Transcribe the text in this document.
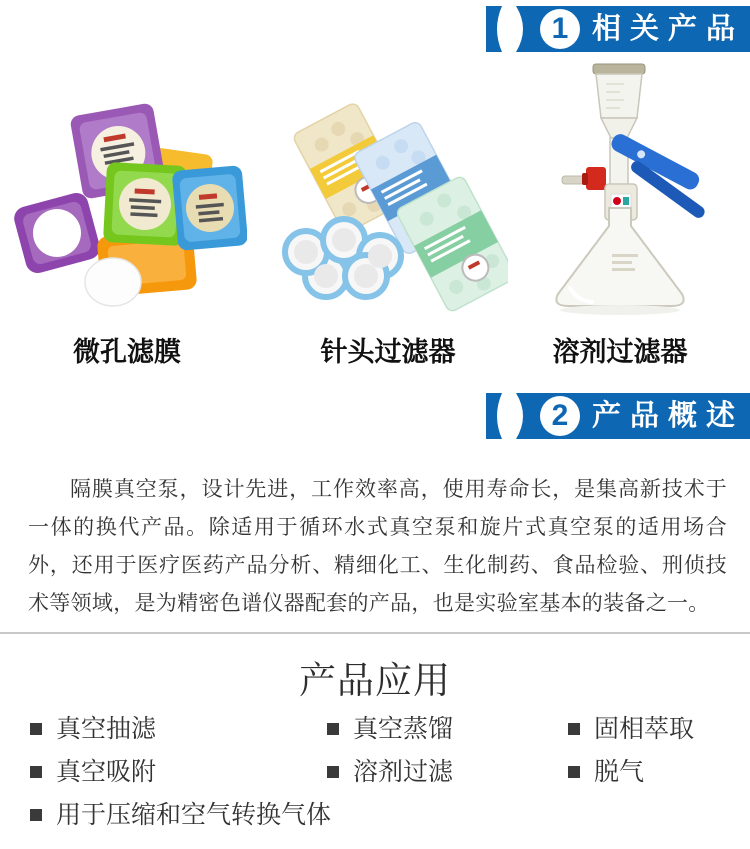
1 相关产品
微孔滤膜	针头过滤器	溶剂过滤器
2 产品概述

隔膜真空泵，设计先进，工作效率高，使用寿命长，是集高新技术于一体的换代产品。除适用于循环水式真空泵和旋片式真空泵的适用场合外，还用于医疗医药产品分析、精细化工、生化制药、食品检验、刑侦技术等领域，是为精密色谱仪器配套的产品，也是实验室基本的装备之一。

产品应用
真空抽滤	真空蒸馏	固相萃取
真空吸附	溶剂过滤	脱气
用于压缩和空气转换气体
